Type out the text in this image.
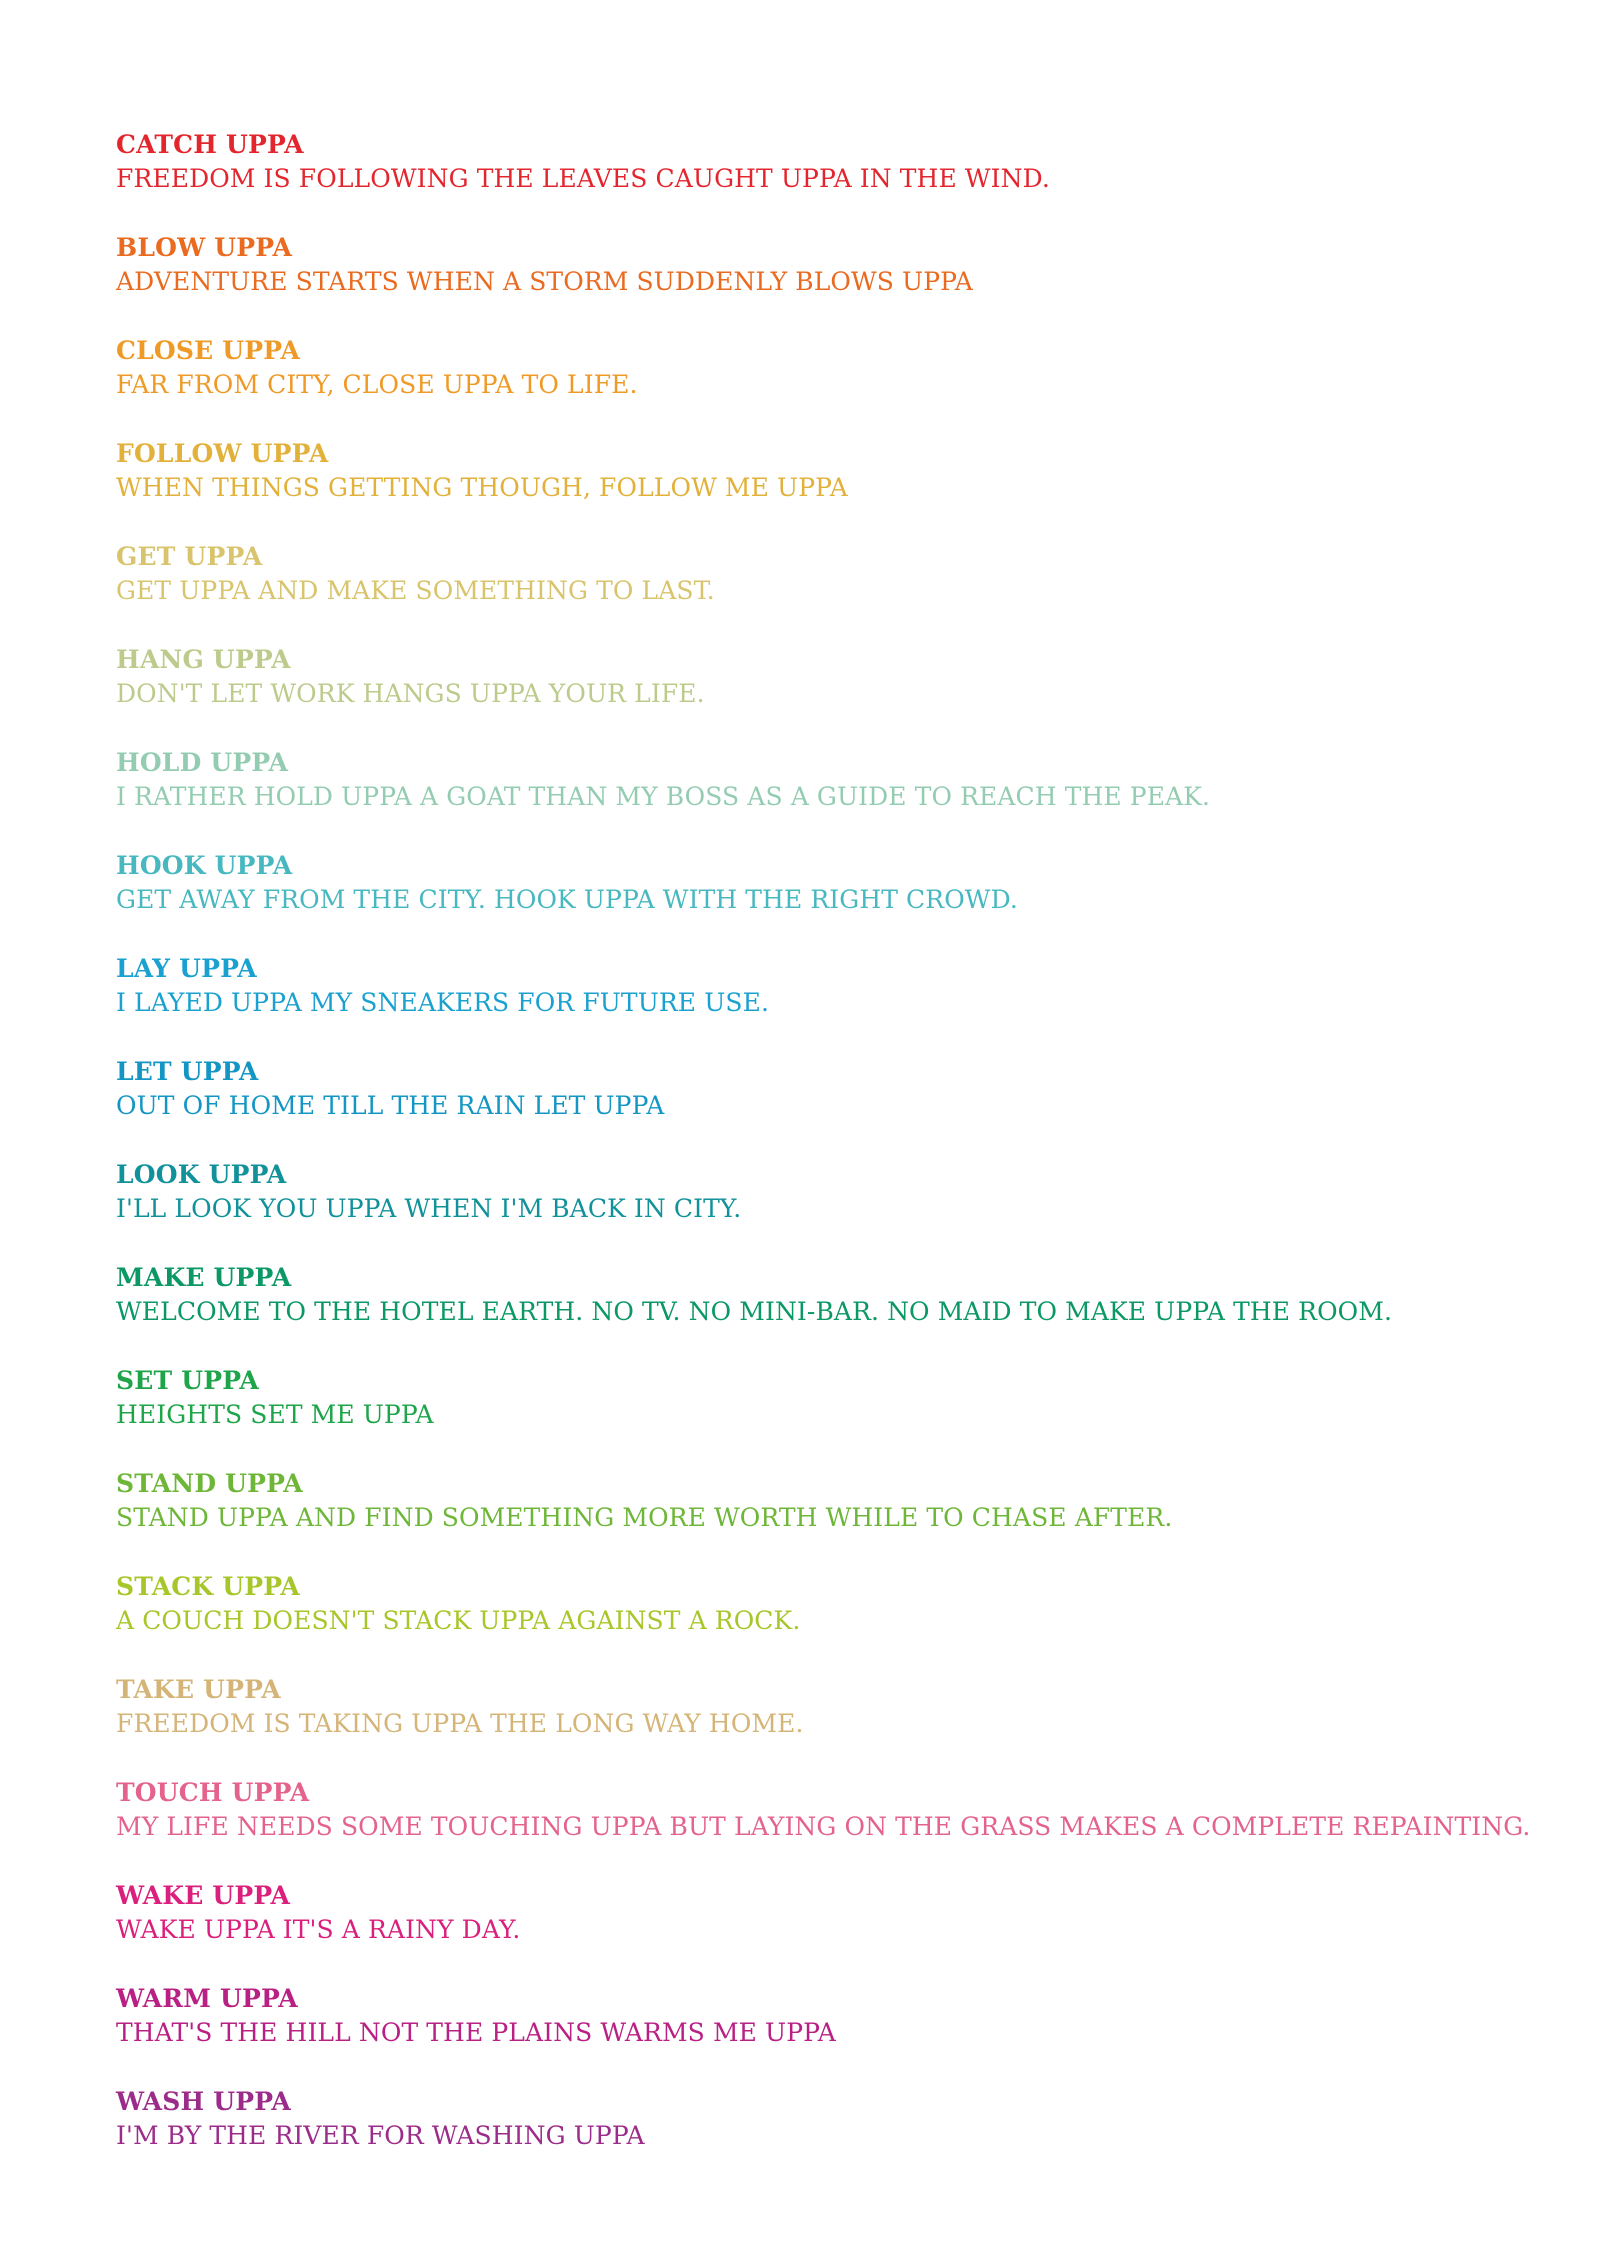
CATCH UPPA
FREEDOM IS FOLLOWING THE LEAVES CAUGHT UPPA IN THE WIND.
BLOW UPPA
ADVENTURE STARTS WHEN A STORM SUDDENLY BLOWS UPPA
CLOSE UPPA
FAR FROM CITY, CLOSE UPPA TO LIFE.
FOLLOW UPPA
WHEN THINGS GETTING THOUGH, FOLLOW ME UPPA
GET UPPA
GET UPPA AND MAKE SOMETHING TO LAST.
HANG UPPA
DON'T LET WORK HANGS UPPA YOUR LIFE.
HOLD UPPA
I RATHER HOLD UPPA A GOAT THAN MY BOSS AS A GUIDE TO REACH THE PEAK.
HOOK UPPA
GET AWAY FROM THE CITY. HOOK UPPA WITH THE RIGHT CROWD.
LAY UPPA
I LAYED UPPA MY SNEAKERS FOR FUTURE USE.
LET UPPA
OUT OF HOME TILL THE RAIN LET UPPA
LOOK UPPA
I'LL LOOK YOU UPPA WHEN I'M BACK IN CITY.
MAKE UPPA
WELCOME TO THE HOTEL EARTH. NO TV. NO MINI-BAR. NO MAID TO MAKE UPPA THE ROOM.
SET UPPA
HEIGHTS SET ME UPPA
STAND UPPA
STAND UPPA AND FIND SOMETHING MORE WORTH WHILE TO CHASE AFTER.
STACK UPPA
A COUCH DOESN'T STACK UPPA AGAINST A ROCK.
TAKE UPPA
FREEDOM IS TAKING UPPA THE LONG WAY HOME.
TOUCH UPPA
MY LIFE NEEDS SOME TOUCHING UPPA BUT LAYING ON THE GRASS MAKES A COMPLETE REPAINTING.
WAKE UPPA
WAKE UPPA IT'S A RAINY DAY.
WARM UPPA
THAT'S THE HILL NOT THE PLAINS WARMS ME UPPA
WASH UPPA
I'M BY THE RIVER FOR WASHING UPPA
